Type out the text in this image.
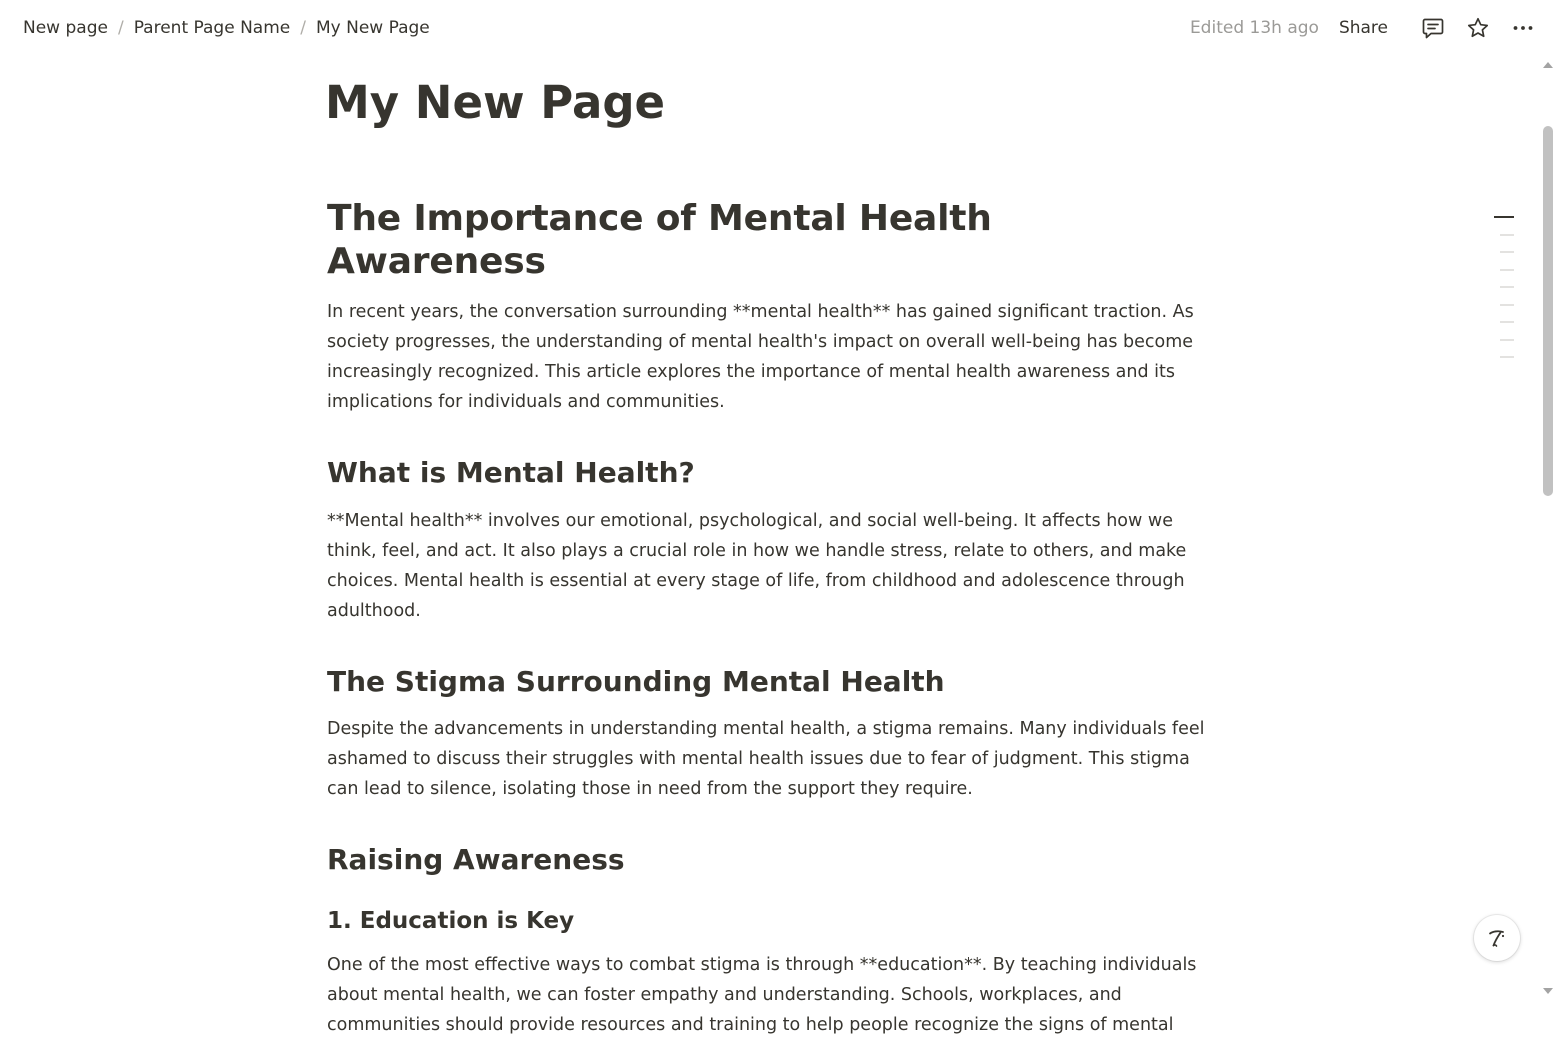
New page / Parent Page Name / My New Page	Edited 13h ago	Share
My New Page
The Importance of Mental Health Awareness

In recent years, the conversation surrounding **mental health** has gained significant traction. As society progresses, the understanding of mental health's impact on overall well-being has become increasingly recognized. This article explores the importance of mental health awareness and its implications for individuals and communities.

What is Mental Health?

**Mental health** involves our emotional, psychological, and social well-being. It affects how we think, feel, and act. It also plays a crucial role in how we handle stress, relate to others, and make choices. Mental health is essential at every stage of life, from childhood and adolescence through adulthood.

The Stigma Surrounding Mental Health

Despite the advancements in understanding mental health, a stigma remains. Many individuals feel ashamed to discuss their struggles with mental health issues due to fear of judgment. This stigma can lead to silence, isolating those in need from the support they require.

Raising Awareness
1. Education is Key

One of the most effective ways to combat stigma is through **education**. By teaching individuals about mental health, we can foster empathy and understanding. Schools, workplaces, and communities should provide resources and training to help people recognize the signs of mental
